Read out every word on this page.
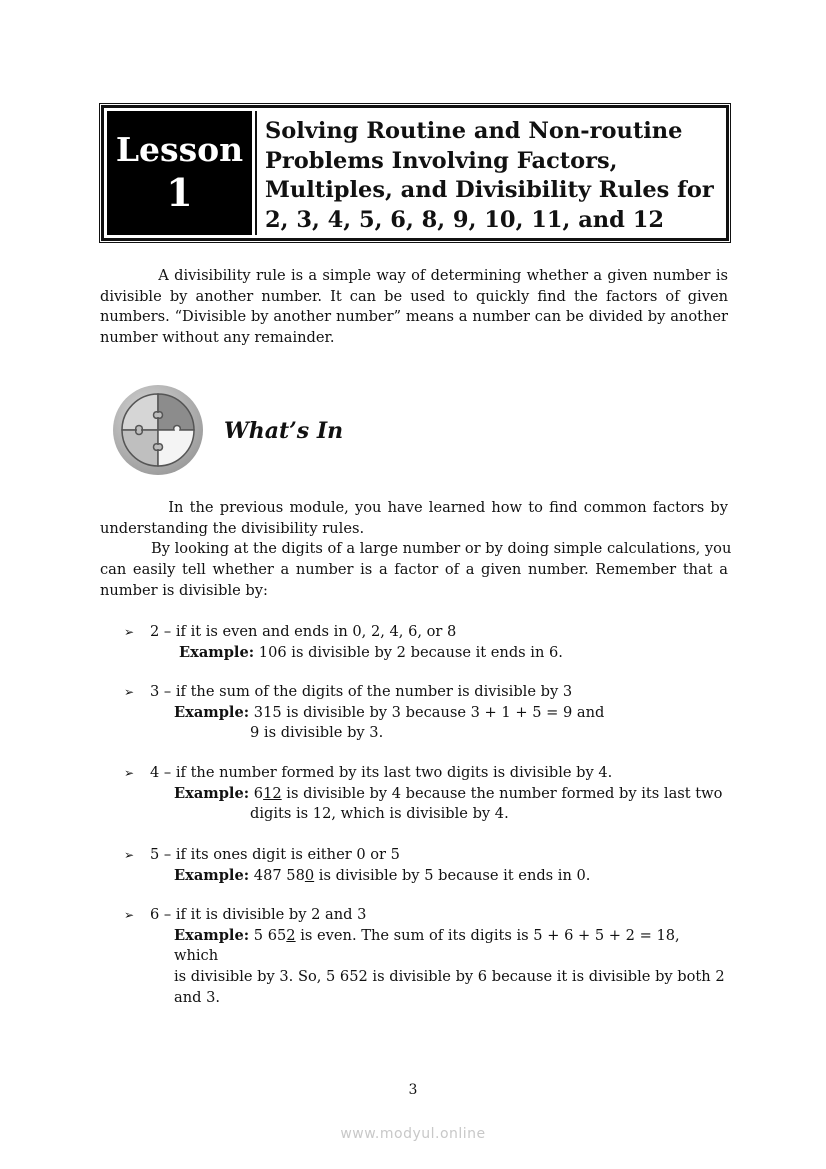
Lesson
1
Solving Routine and Non-routine
Problems Involving Factors,
Multiples, and Divisibility Rules for
2, 3, 4, 5, 6, 8, 9, 10, 11, and 12
A divisibility rule is a simple way of determining whether a given number is
divisible by another number. It can be used to quickly find the factors of given
numbers. “Divisible by another number” means a number can be divided by another
number without any remainder.
What’s In
In the previous module, you have learned how to find common factors by
understanding the divisibility rules.
By looking at the digits of a large number or by doing simple calculations, you
can easily tell whether a number is a factor of a given number. Remember that a
number is divisible by:
➢	2 – if it is even and ends in 0, 2, 4, 6, or 8
Example: 106 is divisible by 2 because it ends in 6.
➢	3 – if the sum of the digits of the number is divisible by 3
Example: 315 is divisible by 3 because 3 + 1 + 5 = 9 and
9 is divisible by 3.
➢	4 – if the number formed by its last two digits is divisible by 4.
Example: 612 is divisible by 4 because the number formed by its last two
digits is 12, which is divisible by 4.
➢	5 – if its ones digit is either 0 or 5
Example: 487 580 is divisible by 5 because it ends in 0.
➢	6 – if it is divisible by 2 and 3
Example: 5 652 is even. The sum of its digits is 5 + 6 + 5 + 2 = 18, which
is divisible by 3. So, 5 652 is divisible by 6 because it is divisible by both 2
and 3.
3
www.modyul.online
